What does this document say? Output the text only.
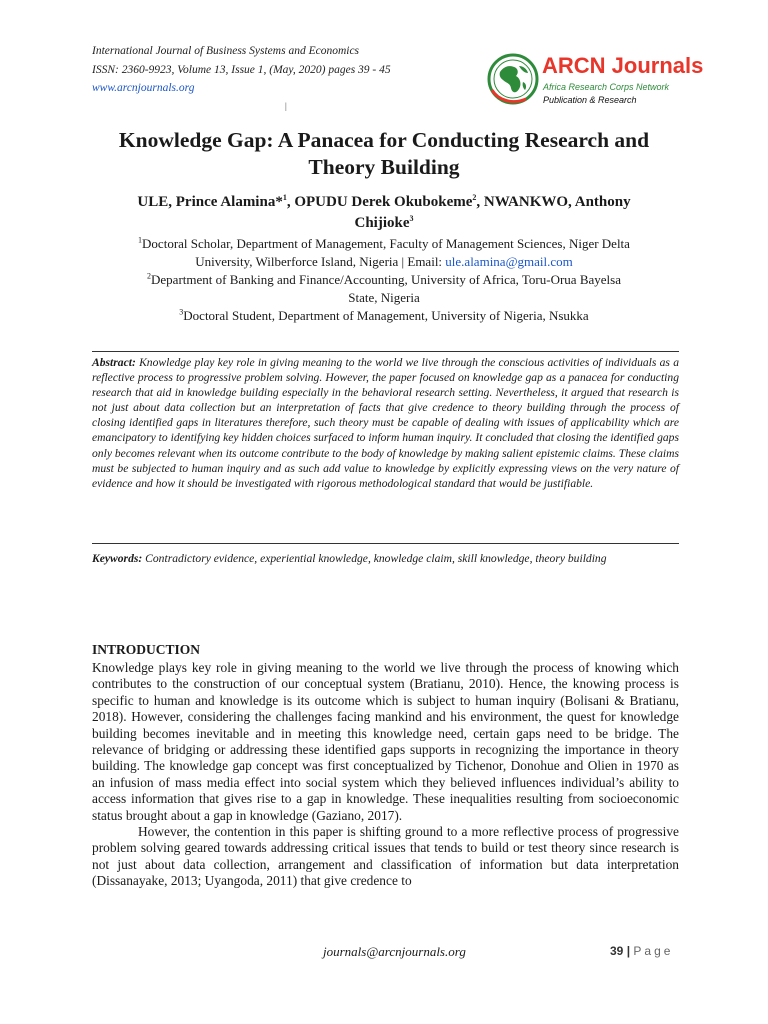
International Journal of Business Systems and Economics
ISSN: 2360-9923, Volume 13, Issue 1, (May, 2020) pages 39 - 45
www.arcnjournals.org
|
ARCN Journals
Africa Research Corps Network
Publication & Research
Knowledge Gap: A Panacea for Conducting Research and
Theory Building
ULE, Prince Alamina*$^1$, OPUDU Derek Okubokeme$^2$, NWANKWO, Anthony
Chijioke$^3$
$^1$Doctoral Scholar, Department of Management, Faculty of Management Sciences, Niger Delta
University, Wilberforce Island, Nigeria | Email: ule.alamina@gmail.com
$^2$Department of Banking and Finance/Accounting, University of Africa, Toru-Orua Bayelsa
State, Nigeria
$^3$Doctoral Student, Department of Management, University of Nigeria, Nsukka
Abstract: Knowledge play key role in giving meaning to the world we live through the conscious activities of individuals as a reflective process to progressive problem solving. However, the paper focused on knowledge gap as a panacea for conducting research that aid in knowledge building especially in the behavioral research setting. Nevertheless, it argued that research is not just about data collection but an interpretation of facts that give credence to theory building through the process of closing identified gaps in literatures therefore, such theory must be capable of dealing with issues of applicability which are emancipatory to identifying key hidden choices surfaced to inform human inquiry. It concluded that closing the identified gaps only becomes relevant when its outcome contribute to the body of knowledge by making salient epistemic claims. These claims must be subjected to human inquiry and as such add value to knowledge by explicitly expressing views on the very nature of evidence and how it should be investigated with rigorous methodological standard that would be justifiable.
Keywords: Contradictory evidence, experiential knowledge, knowledge claim, skill knowledge, theory building
INTRODUCTION

Knowledge plays key role in giving meaning to the world we live through the process of knowing which contributes to the construction of our conceptual system (Bratianu, 2010). Hence, the knowing process is specific to human and knowledge is its outcome which is subject to human inquiry (Bolisani & Bratianu, 2018). However, considering the challenges facing mankind and his environment, the quest for knowledge building becomes inevitable and in meeting this knowledge need, certain gaps need to be bridge. The relevance of bridging or addressing these identified gaps supports in recognizing the importance in theory building. The knowledge gap concept was first conceptualized by Tichenor, Donohue and Olien in 1970 as an infusion of mass media effect into social system which they believed influences individual’s ability to access information that gives rise to a gap in knowledge. These inequalities resulting from socioeconomic status brought about a gap in knowledge (Gaziano, 2017).

However, the contention in this paper is shifting ground to a more reflective process of progressive problem solving geared towards addressing critical issues that tends to build or test theory since research is not just about data collection, arrangement and classification of information but data interpretation (Dissanayake, 2013; Uyangoda, 2011) that give credence to

journals@arcnjournals.org	39 | Page
